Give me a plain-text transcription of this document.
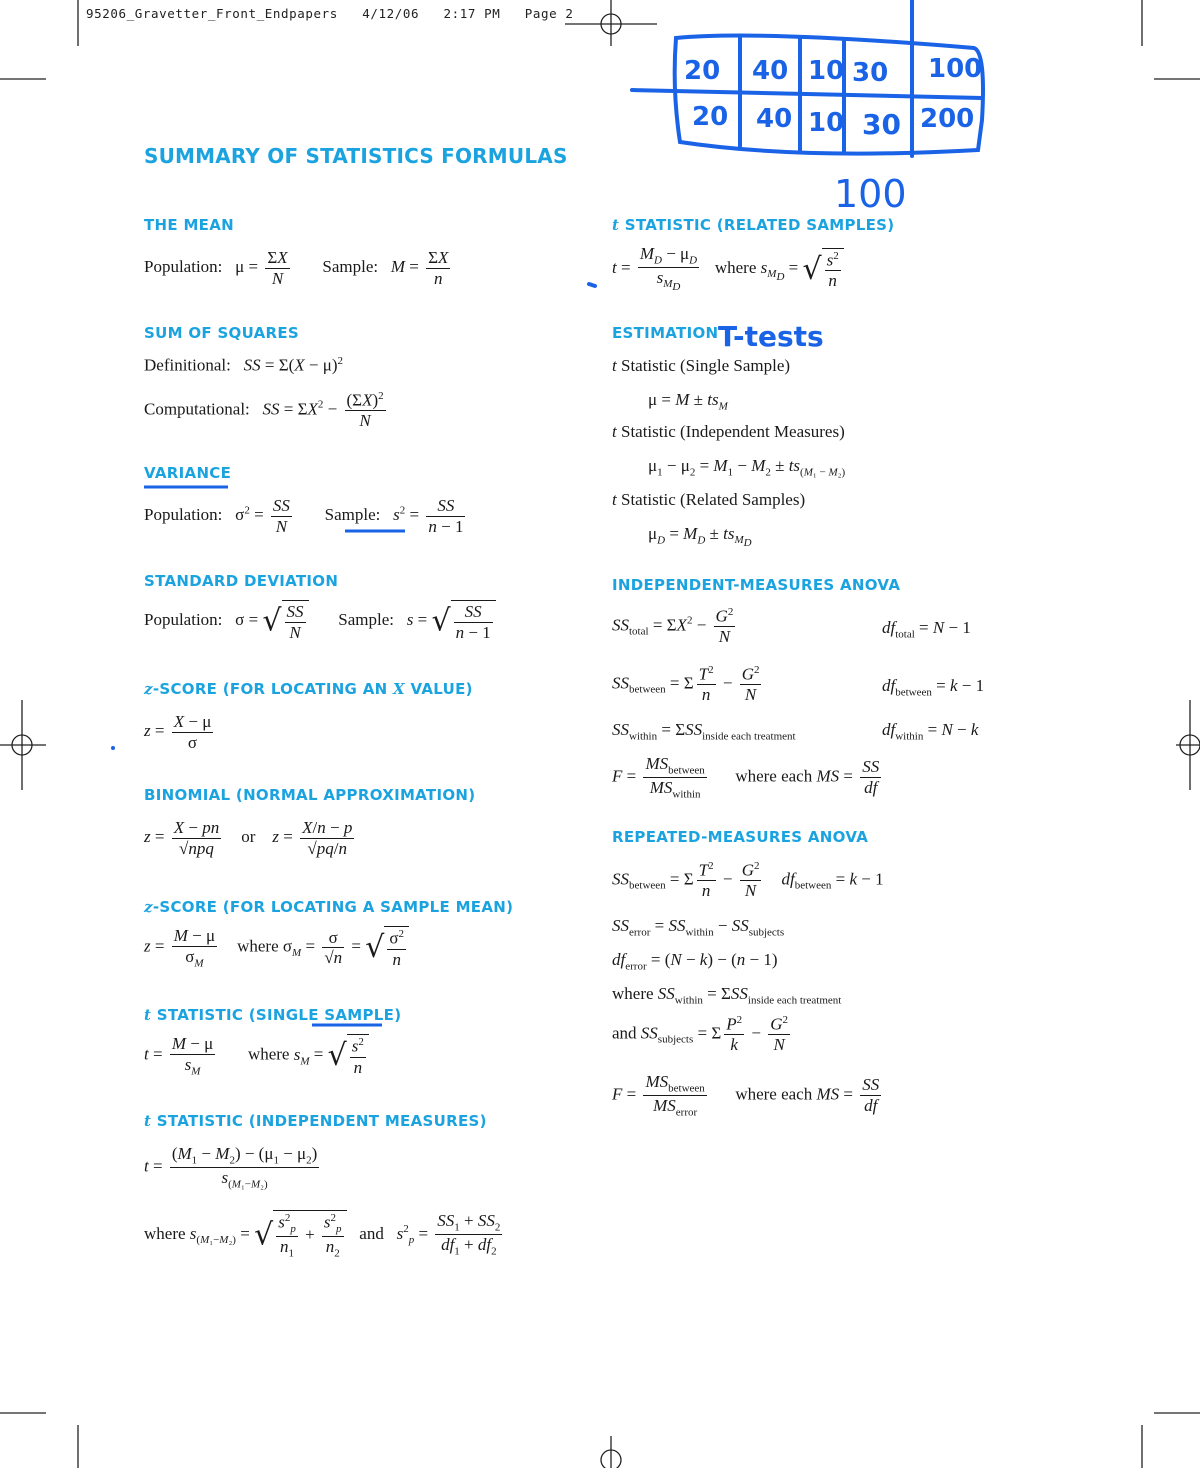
95206_Gravetter_Front_Endpapers   4/12/06   2:17 PM   Page 2
20 40 10 30 100
20 40 10 30 200
100
T-tests
SUMMARY OF STATISTICS FORMULAS
THE MEAN
Population:   $\mu = \frac{\Sigma X}{N}$ Sample: $M = \frac{\Sigma X}{n}$
SUM OF SQUARES
Definitional: SS = $\Sigma(X - \mu)^2$
Computational: SS = $\Sigma X^2 - \frac{(\Sigma X)^2}{N}$
VARIANCE
Population:   $\sigma^2 = \frac{SS}{N}$ Sample: $s^2 = \frac{SS}{n - 1}$
STANDARD DEVIATION
Population:   σ = √ $\frac{SS}{N}$ Sample: s = √ $\frac{SS}{n - 1}$
z-SCORE (FOR LOCATING AN X VALUE)
$z = \frac{X - \mu}{\sigma}$
BINOMIAL (NORMAL APPROXIMATION)
$z = \frac{X - pn}{\text{√npq}}$ or $z = \frac{X/n - p}{√pq/n}$
z-SCORE (FOR LOCATING A SAMPLE MEAN)
$z = \frac{M - \mu}{\sigma_M}$ where $\sigma_M = \frac{\sigma}{√n}$ = √ $\frac{\sigma^2}{n}$
t STATISTIC (SINGLE SAMPLE)
$t = \frac{M - \mu}{s_M}$ where $s_M$ = √ $\frac{s^2}{n}$
t STATISTIC (INDEPENDENT MEASURES)
$t = \frac{(M_1 - M_2) - (\mu_1 - \mu_2)}{s_{(M_1-M_2)}}$
where $s_{(M_1-M_2)}$ = √ $\frac{s^2_p}{n_1} + \frac{s^2_p}{n_2}$ and $s^2_p = \frac{SS_1 + SS_2}{df_1 + df_2}$
t STATISTIC (RELATED SAMPLES)
$t = \frac{M_D - \mu_D}{s_{M_D}}$ where $s_{M_D}$ = √ $\frac{s^2}{n}$
ESTIMATION
t Statistic (Single Sample)
$\mu = M \pm ts_M$
t Statistic (Independent Measures)
$\mu_1 - \mu_2 = M_1 - M_2 \pm ts_{(M_1 - M_2)}$
t Statistic (Related Samples)
$\mu_D = M_D \pm ts_{M_D}$
INDEPENDENT-MEASURES ANOVA
$SS_{total} = \Sigma X^2 - \frac{G^2}{N}$	$df_{total} = N - 1$
$SS_{between} = \Sigma \frac{T^2}{n} - \frac{G^2}{N}$	$df_{between} = k - 1$
$SS_{within} = \Sigma SS_{inside each treatment}$	$df_{within} = N - k$
$F = \frac{MS_{between}}{MS_{within}}$ where each MS = $\frac{SS}{df}$
REPEATED-MEASURES ANOVA
$SS_{between} = \Sigma \frac{T^2}{n} - \frac{G^2}{N} df_{between} = k - 1$
$SS_{error} = SS_{within} - SS_{subjects}$
$df_{error} = (N - k) - (n - 1)$
where $SS_{within} = \Sigma SS_{inside each treatment}$
and $SS_{subjects} = \Sigma \frac{P^2}{k} - \frac{G^2}{N}$
$F = \frac{MS_{between}}{MS_{error}}$ where each MS = $\frac{SS}{df}$
